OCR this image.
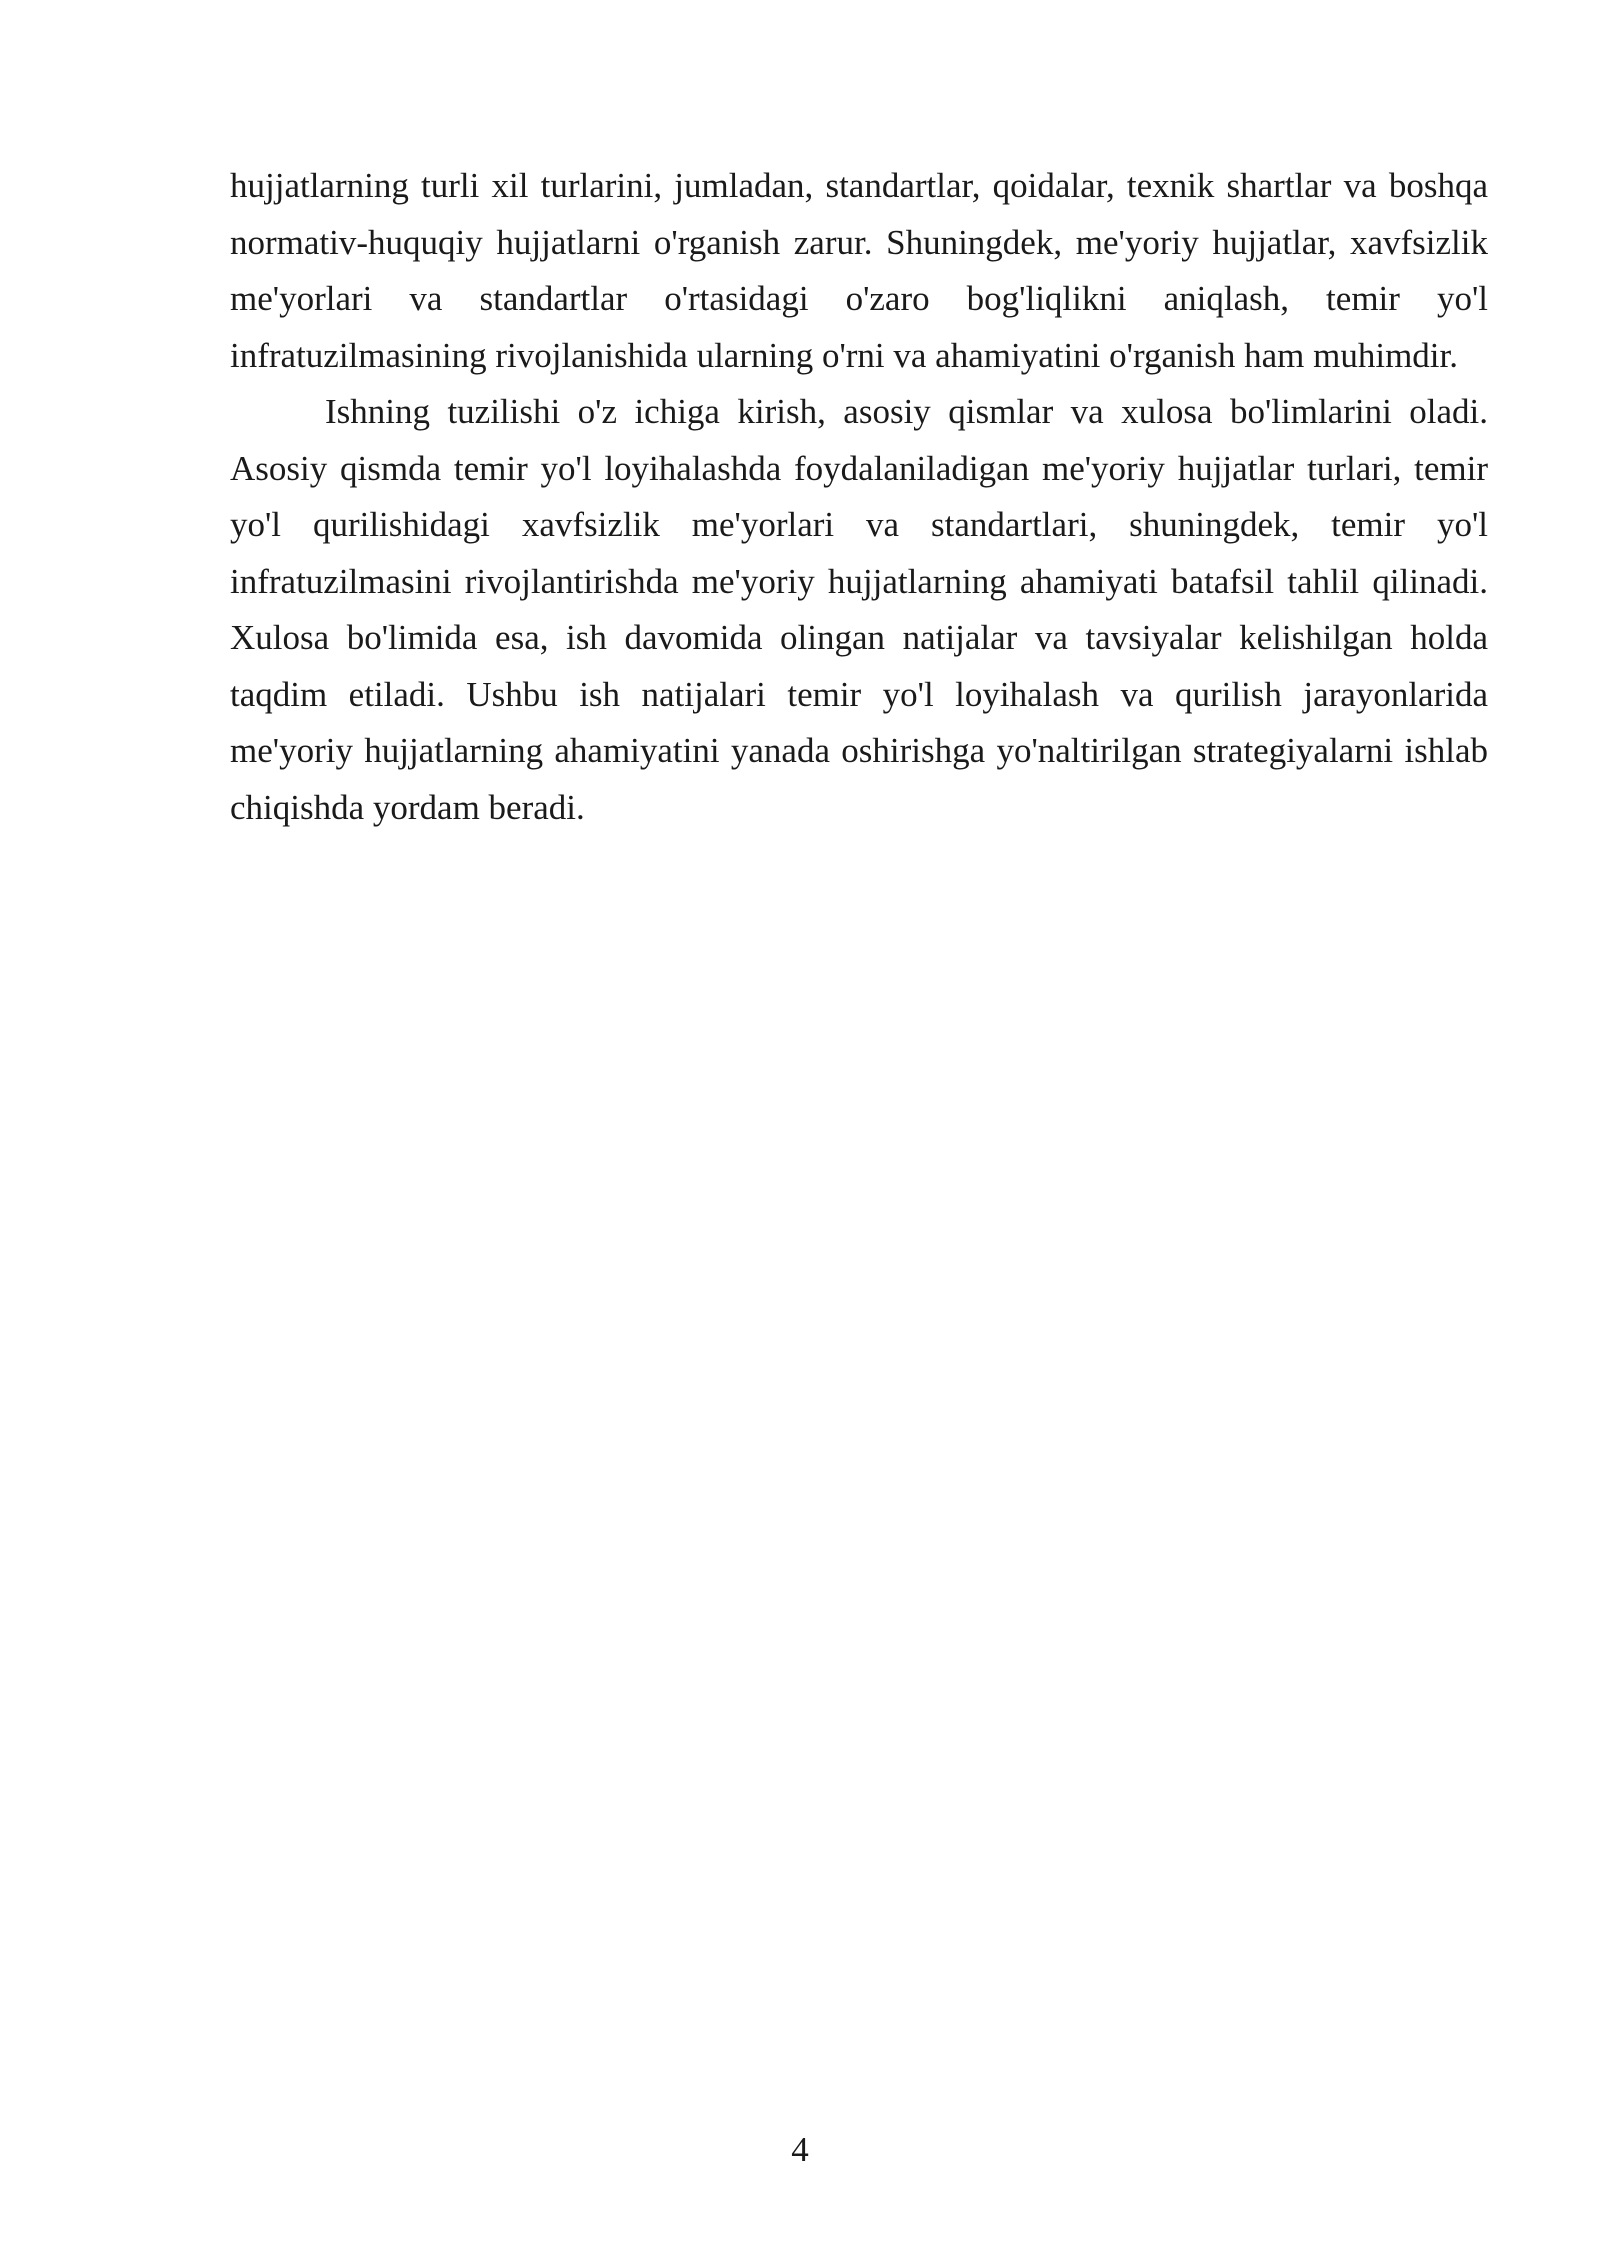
hujjatlarning turli xil turlarini, jumladan, standartlar, qoidalar, texnik shartlar va boshqa normativ-huquqiy hujjatlarni o'rganish zarur. Shuningdek, me'yoriy hujjatlar, xavfsizlik me'yorlari va standartlar o'rtasidagi o'zaro bog'liqlikni aniqlash, temir yo'l infratuzilmasining rivojlanishida ularning o'rni va ahamiyatini o'rganish ham muhimdir.

Ishning tuzilishi o'z ichiga kirish, asosiy qismlar va xulosa bo'limlarini oladi. Asosiy qismda temir yo'l loyihalashda foydalaniladigan me'yoriy hujjatlar turlari, temir yo'l qurilishidagi xavfsizlik me'yorlari va standartlari, shuningdek, temir yo'l infratuzilmasini rivojlantirishda me'yoriy hujjatlarning ahamiyati batafsil tahlil qilinadi. Xulosa bo'limida esa, ish davomida olingan natijalar va tavsiyalar kelishilgan holda taqdim etiladi. Ushbu ish natijalari temir yo'l loyihalash va qurilish jarayonlarida me'yoriy hujjatlarning ahamiyatini yanada oshirishga yo'naltirilgan strategiyalarni ishlab chiqishda yordam beradi.

4
